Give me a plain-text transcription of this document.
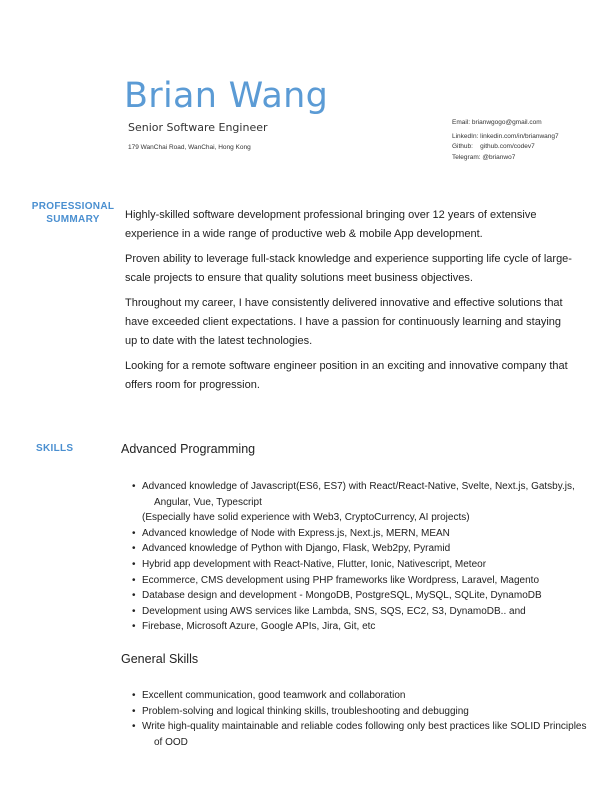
Brian Wang
Senior Software Engineer
179 WanChai Road, WanChai, Hong Kong
Email: brianwgogo@gmail.com
LinkedIn: linkedin.com/in/brianwang7
Github:    github.com/codev7
Telegram: @brianwo7
PROFESSIONAL
SUMMARY	Highly-skilled software development professional bringing over 12 years of extensive experience in a wide range of productive web & mobile App development.

Proven ability to leverage full-stack knowledge and experience supporting life cycle of large-scale projects to ensure that quality solutions meet business objectives.

Throughout my career, I have consistently delivered innovative and effective solutions that have exceeded client expectations. I have a passion for continuously learning and staying up to date with the latest technologies.

Looking for a remote software engineer position in an exciting and innovative company that offers room for progression.

SKILLS	Advanced Programming
• Advanced knowledge of Javascript(ES6, ES7) with React/React-Native, Svelte, Next.js, Gatsby.js,
Angular, Vue, Typescript
(Especially have solid experience with Web3, CryptoCurrency, AI projects)
• Advanced knowledge of Node with Express.js, Next.js, MERN, MEAN
• Advanced knowledge of Python with Django, Flask, Web2py, Pyramid
• Hybrid app development with React-Native, Flutter, Ionic, Nativescript, Meteor
• Ecommerce, CMS development using PHP frameworks like Wordpress, Laravel, Magento
• Database design and development - MongoDB, PostgreSQL, MySQL, SQLite, DynamoDB
• Development using AWS services like Lambda, SNS, SQS, EC2, S3, DynamoDB.. and
• Firebase, Microsoft Azure, Google APIs, Jira, Git, etc
General Skills
• Excellent communication, good teamwork and collaboration
• Problem-solving and logical thinking skills, troubleshooting and debugging
• Write high-quality maintainable and reliable codes following only best practices like SOLID Principles
of OOD
